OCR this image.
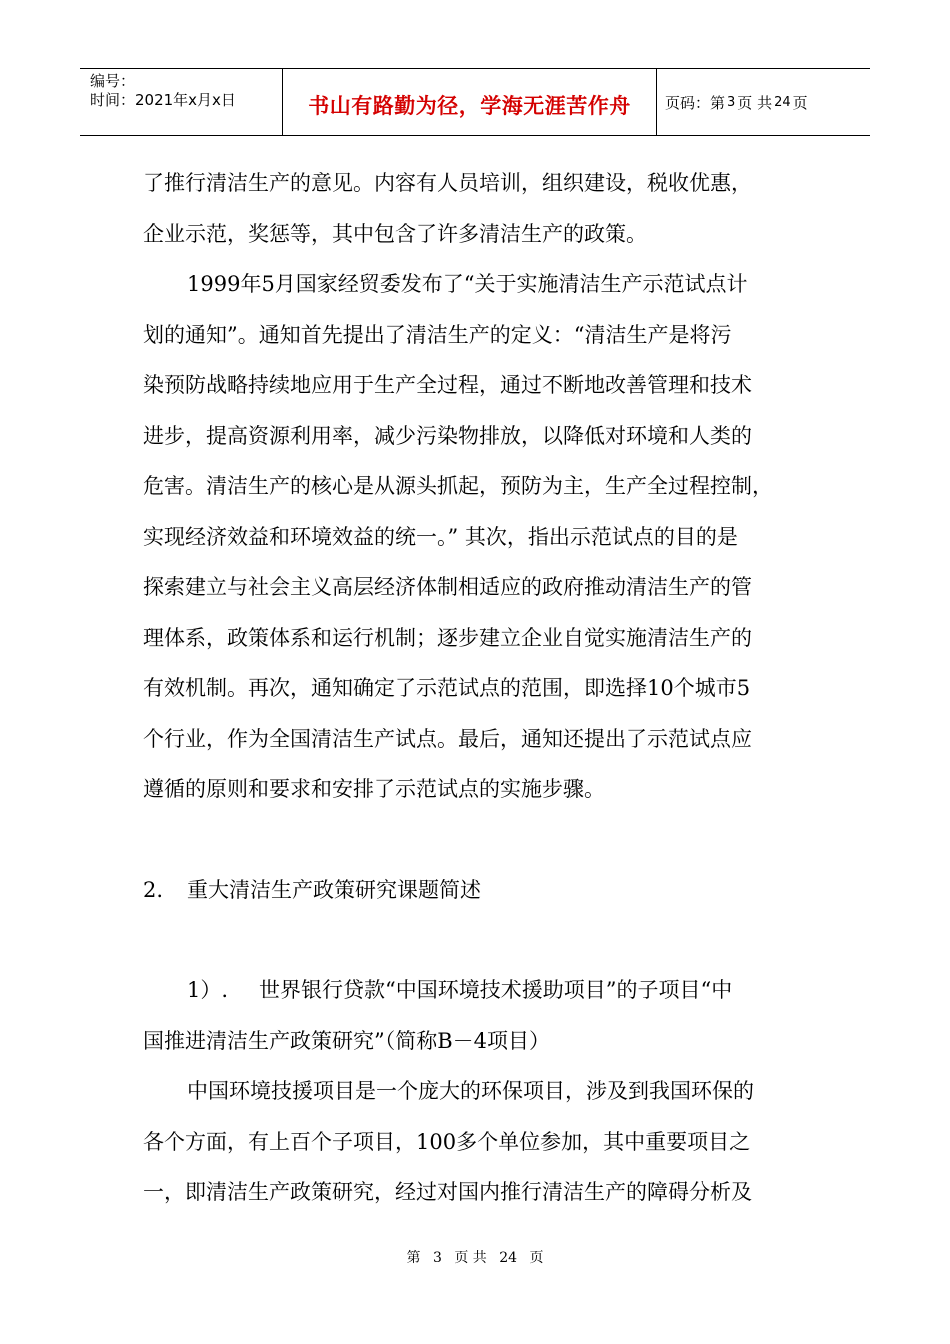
编号：
时间：2021年x月x日	书山有路勤为径，学海无涯苦作舟 页码：第 3 页 共 24 页
了推行清洁生产的意见。内容有人员培训，组织建设，税收优惠，
企业示范，奖惩等，其中包含了许多清洁生产的政策。
1999年5月国家经贸委发布了“关于实施清洁生产示范试点计
划的通知”。通知首先提出了清洁生产的定义：“清洁生产是将污
染预防战略持续地应用于生产全过程，通过不断地改善管理和技术
进步，提高资源利用率，减少污染物排放，以降低对环境和人类的
危害。清洁生产的核心是从源头抓起，预防为主，生产全过程控制，
实现经济效益和环境效益的统一。” 其次，指出示范试点的目的是
探索建立与社会主义高层经济体制相适应的政府推动清洁生产的管
理体系，政策体系和运行机制；逐步建立企业自觉实施清洁生产的
有效机制。再次，通知确定了示范试点的范围，即选择10个城市5
个行业，作为全国清洁生产试点。最后，通知还提出了示范试点应
遵循的原则和要求和安排了示范试点的实施步骤。
2. 重大清洁生产政策研究课题简述
1）. 世界银行贷款“中国环境技术援助项目”的子项目“中
国推进清洁生产政策研究”（简称B－4项目）
中国环境技援项目是一个庞大的环保项目，涉及到我国环保的
各个方面，有上百个子项目，100多个单位参加，其中重要项目之
一，即清洁生产政策研究，经过对国内推行清洁生产的障碍分析及
第 3 页 共 24 页
